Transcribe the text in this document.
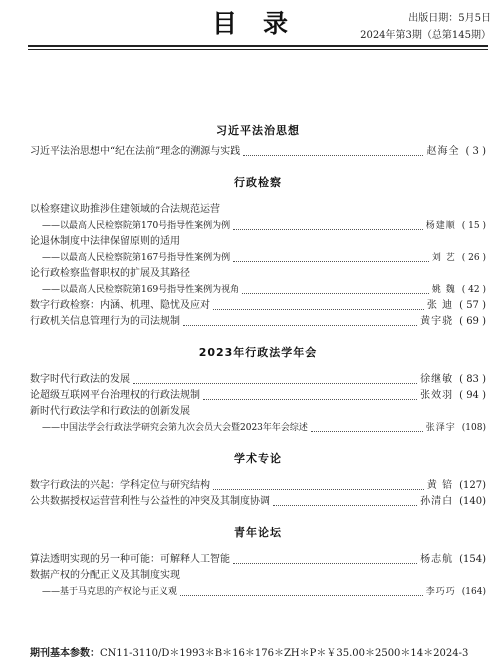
目录	出版日期：5月5日
2024年第3期（总第145期）
习近平法治思想
习近平法治思想中“纪在法前”理念的溯源与实践	赵海全 ( 3 )
行政检察
以检察建议助推涉住建领域的合法规范运营
——以最高人民检察院第170号指导性案例为例	杨建顺 ( 15 )
论退休制度中法律保留原则的适用
——以最高人民检察院第167号指导性案例为例	刘 艺 ( 26 )
论行政检察监督职权的扩展及其路径
——以最高人民检察院第169号指导性案例为视角	姚 魏 ( 42 )
数字行政检察：内涵、机理、隐忧及应对	张 迪 ( 57 )
行政机关信息管理行为的司法规制	黄宇骁 ( 69 )
2023年行政法学年会
数字时代行政法的发展	徐继敏 ( 83 )
论超级互联网平台治理权的行政法规制	张效羽 ( 94 )
新时代行政法学和行政法的创新发展
——中国法学会行政法学研究会第九次会员大会暨2023年年会综述	张泽宇 (108)
学术专论
数字行政法的兴起：学科定位与研究结构	黄 锫 (127)
公共数据授权运营营利性与公益性的冲突及其制度协调	孙清白 (140)
青年论坛
算法透明实现的另一种可能：可解释人工智能	杨志航 (154)
数据产权的分配正义及其制度实现
——基于马克思的产权论与正义观	李巧巧 (164)
期刊基本参数：CN11-3110/D＊1993＊B＊16＊176＊ZH＊P＊￥35.00＊2500＊14＊2024-3
